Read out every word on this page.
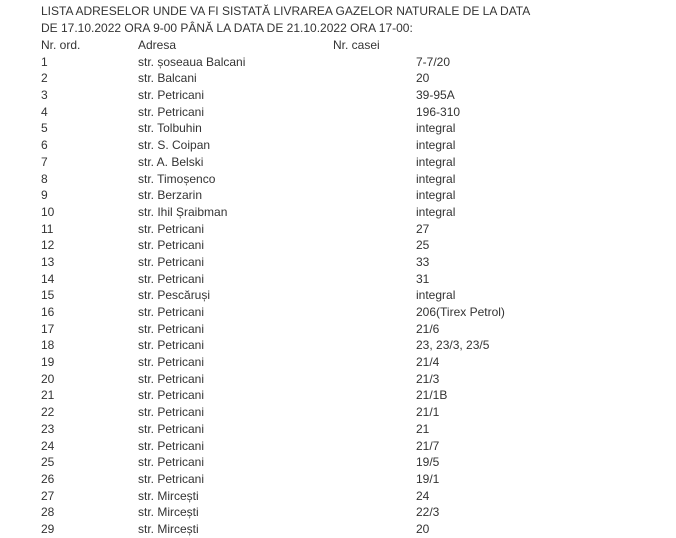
LISTA ADRESELOR UNDE VA FI SISTATĂ LIVRAREA GAZELOR NATURALE DE LA DATA
DE 17.10.2022 ORA 9-00 PÂNĂ LA DATA DE 21.10.2022 ORA 17-00:
Nr. ord.	Adresa	Nr. casei
1	str. șoseaua Balcani	7-7/20
2	str. Balcani	20
3	str. Petricani	39-95A
4	str. Petricani	196-310
5	str. Tolbuhin	integral
6	str. S. Coipan	integral
7	str. A. Belski	integral
8	str. Timoșenco	integral
9	str. Berzarin	integral
10	str. Ihil Șraibman	integral
11	str. Petricani	27
12	str. Petricani	25
13	str. Petricani	33
14	str. Petricani	31
15	str. Pescăruși	integral
16	str. Petricani	206(Tirex Petrol)
17	str. Petricani	21/6
18	str. Petricani	23, 23/3, 23/5
19	str. Petricani	21/4
20	str. Petricani	21/3
21	str. Petricani	21/1B
22	str. Petricani	21/1
23	str. Petricani	21
24	str. Petricani	21/7
25	str. Petricani	19/5
26	str. Petricani	19/1
27	str. Mircești	24
28	str. Mircești	22/3
29	str. Mircești	20
